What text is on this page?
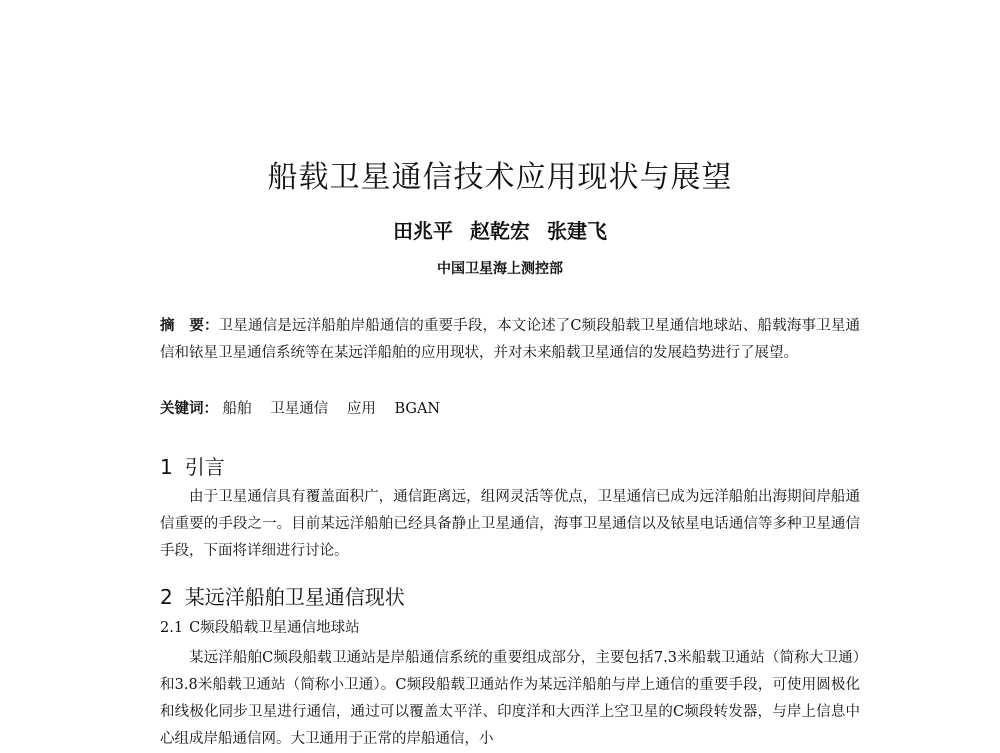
船载卫星通信技术应用现状与展望
田兆平 赵乾宏 张建飞
中国卫星海上测控部
摘　要：卫星通信是远洋船舶岸船通信的重要手段，本文论述了C频段船载卫星通信地球站、船载海事卫星通信和铱星卫星通信系统等在某远洋船舶的应用现状，并对未来船载卫星通信的发展趋势进行了展望。
关键词： 船舶 卫星通信 应用 BGAN
1 引言
由于卫星通信具有覆盖面积广，通信距离远，组网灵活等优点，卫星通信已成为远洋船舶出海期间岸船通信重要的手段之一。目前某远洋船舶已经具备静止卫星通信，海事卫星通信以及铱星电话通信等多种卫星通信手段，下面将详细进行讨论。
2 某远洋船舶卫星通信现状
2.1 C频段船载卫星通信地球站
某远洋船舶C频段船载卫通站是岸船通信系统的重要组成部分，主要包括7.3米船载卫通站（简称大卫通）和3.8米船载卫通站（简称小卫通）。C频段船载卫通站作为某远洋船舶与岸上通信的重要手段，可使用圆极化和线极化同步卫星进行通信，通过可以覆盖太平洋、印度洋和大西洋上空卫星的C频段转发器，与岸上信息中心组成岸船通信网。大卫通用于正常的岸船通信，小
